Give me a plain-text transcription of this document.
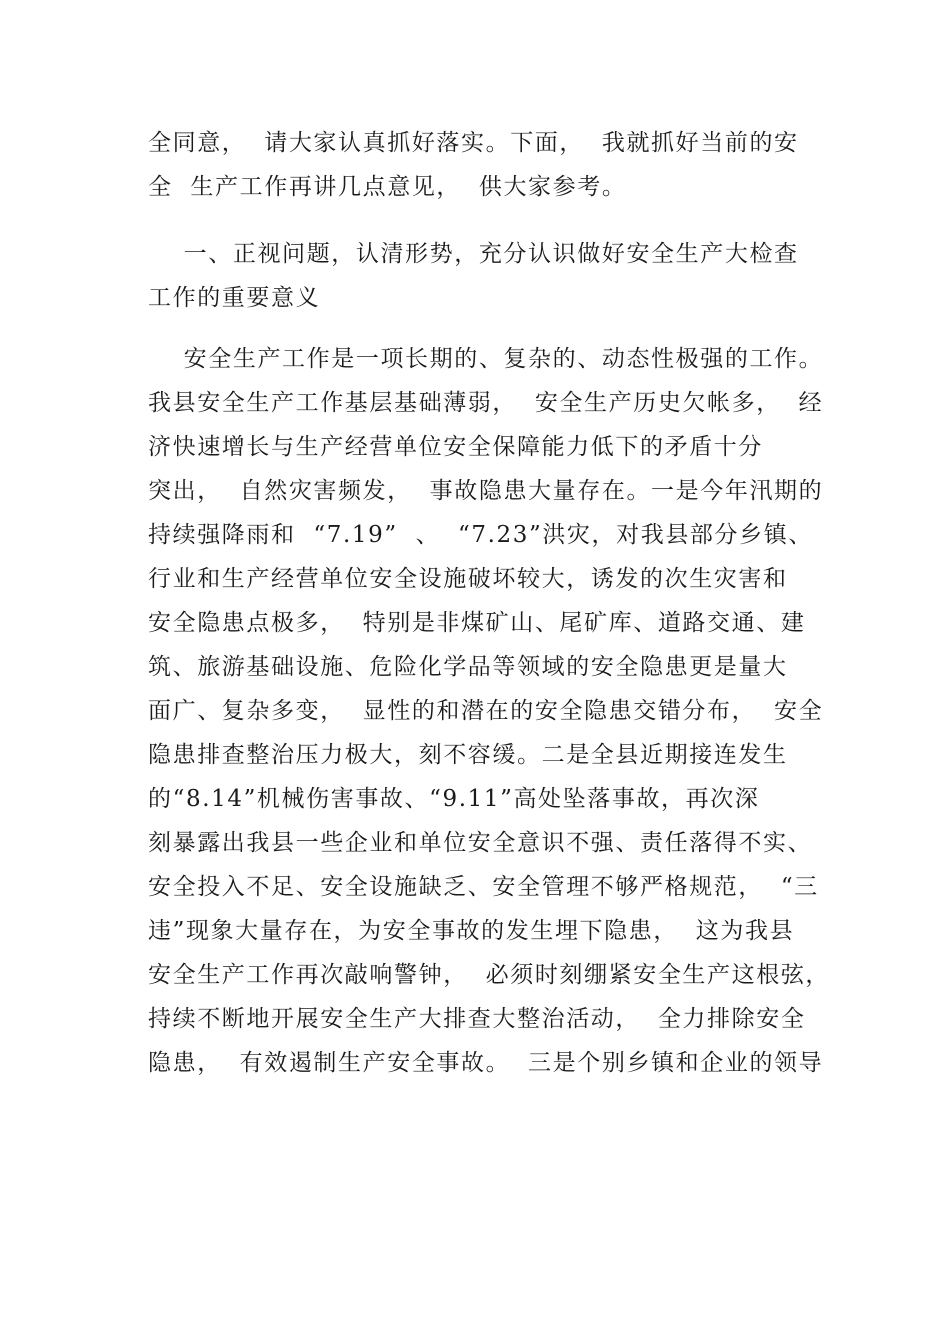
全同意，  请大家认真抓好落实。下面，  我就抓好当前的安
全  生产工作再讲几点意见，  供大家参考。
一、正视问题，认清形势，充分认识做好安全生产大检查
工作的重要意义
安全生产工作是一项长期的、复杂的、动态性极强的工作。
我县安全生产工作基层基础薄弱，  安全生产历史欠帐多，  经
济快速增长与生产经营单位安全保障能力低下的矛盾十分
突出，  自然灾害频发，  事故隐患大量存在。一是今年汛期的
持续强降雨和  “7.19”  、  “7.23”洪灾，对我县部分乡镇、
行业和生产经营单位安全设施破坏较大，诱发的次生灾害和
安全隐患点极多，  特别是非煤矿山、尾矿库、道路交通、建
筑、旅游基础设施、危险化学品等领域的安全隐患更是量大
面广、复杂多变，  显性的和潜在的安全隐患交错分布，  安全
隐患排查整治压力极大，刻不容缓。二是全县近期接连发生
的“8.14”机械伤害事故、“9.11”高处坠落事故，再次深
刻暴露出我县一些企业和单位安全意识不强、责任落得不实、
安全投入不足、安全设施缺乏、安全管理不够严格规范，  “三
违”现象大量存在，为安全事故的发生埋下隐患，  这为我县
安全生产工作再次敲响警钟，  必须时刻绷紧安全生产这根弦，
持续不断地开展安全生产大排查大整治活动，  全力排除安全
隐患，  有效遏制生产安全事故。  三是个别乡镇和企业的领导
